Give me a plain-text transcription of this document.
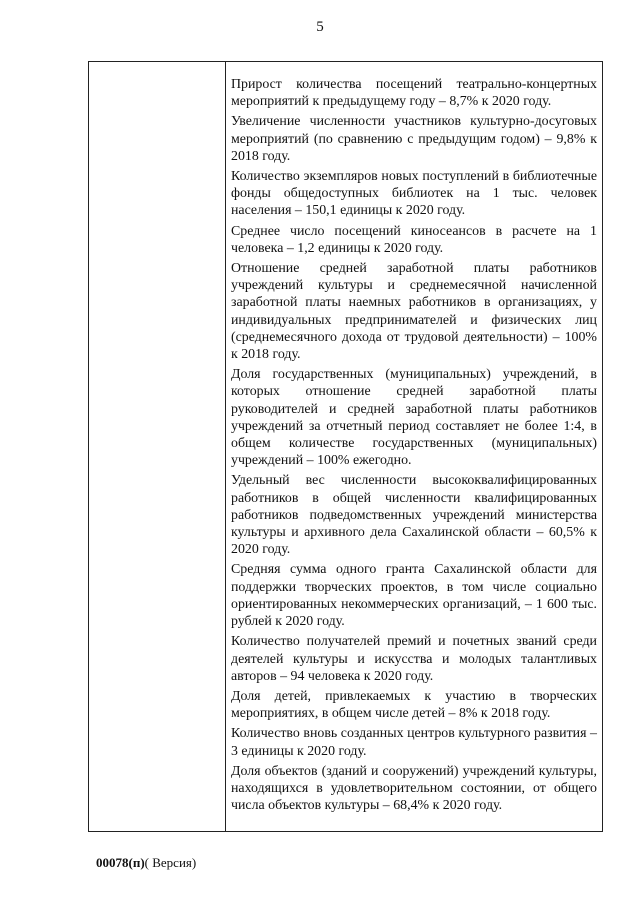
5

Прирост количества посещений театрально-концертных мероприятий к предыдущему году – 8,7% к 2020 году.

Увеличение численности участников культурно-досуговых мероприятий (по сравнению с предыдущим годом) – 9,8% к 2018 году.

Количество экземпляров новых поступлений в библиотечные фонды общедоступных библиотек на 1 тыс. человек населения – 150,1 единицы к 2020 году.

Среднее число посещений киносеансов в расчете на 1 человека – 1,2 единицы к 2020 году.

Отношение средней заработной платы работников учреждений культуры и среднемесячной начисленной заработной платы наемных работников в организациях, у индивидуальных предпринимателей и физических лиц (среднемесячного дохода от трудовой деятельности) – 100% к 2018 году.

Доля государственных (муниципальных) учреждений, в которых отношение средней заработной платы руководителей и средней заработной платы работников учреждений за отчетный период составляет не более 1:4, в общем количестве государственных (муниципальных) учреждений – 100% ежегодно.

Удельный вес численности высококвалифицированных работников в общей численности квалифицированных работников подведомственных учреждений министерства культуры и архивного дела Сахалинской области – 60,5% к 2020 году.

Средняя сумма одного гранта Сахалинской области для поддержки творческих проектов, в том числе социально ориентированных некоммерческих организаций, – 1 600 тыс. рублей к 2020 году.

Количество получателей премий и почетных званий среди деятелей культуры и искусства и молодых талантливых авторов – 94 человека к 2020 году.

Доля детей, привлекаемых к участию в творческих мероприятиях, в общем числе детей – 8% к 2018 году.

Количество вновь созданных центров культурного развития – 3 единицы к 2020 году.

Доля объектов (зданий и сооружений) учреждений культуры, находящихся в удовлетворительном состоянии, от общего числа объектов культуры – 68,4% к 2020 году.

00078(п)( Версия)
